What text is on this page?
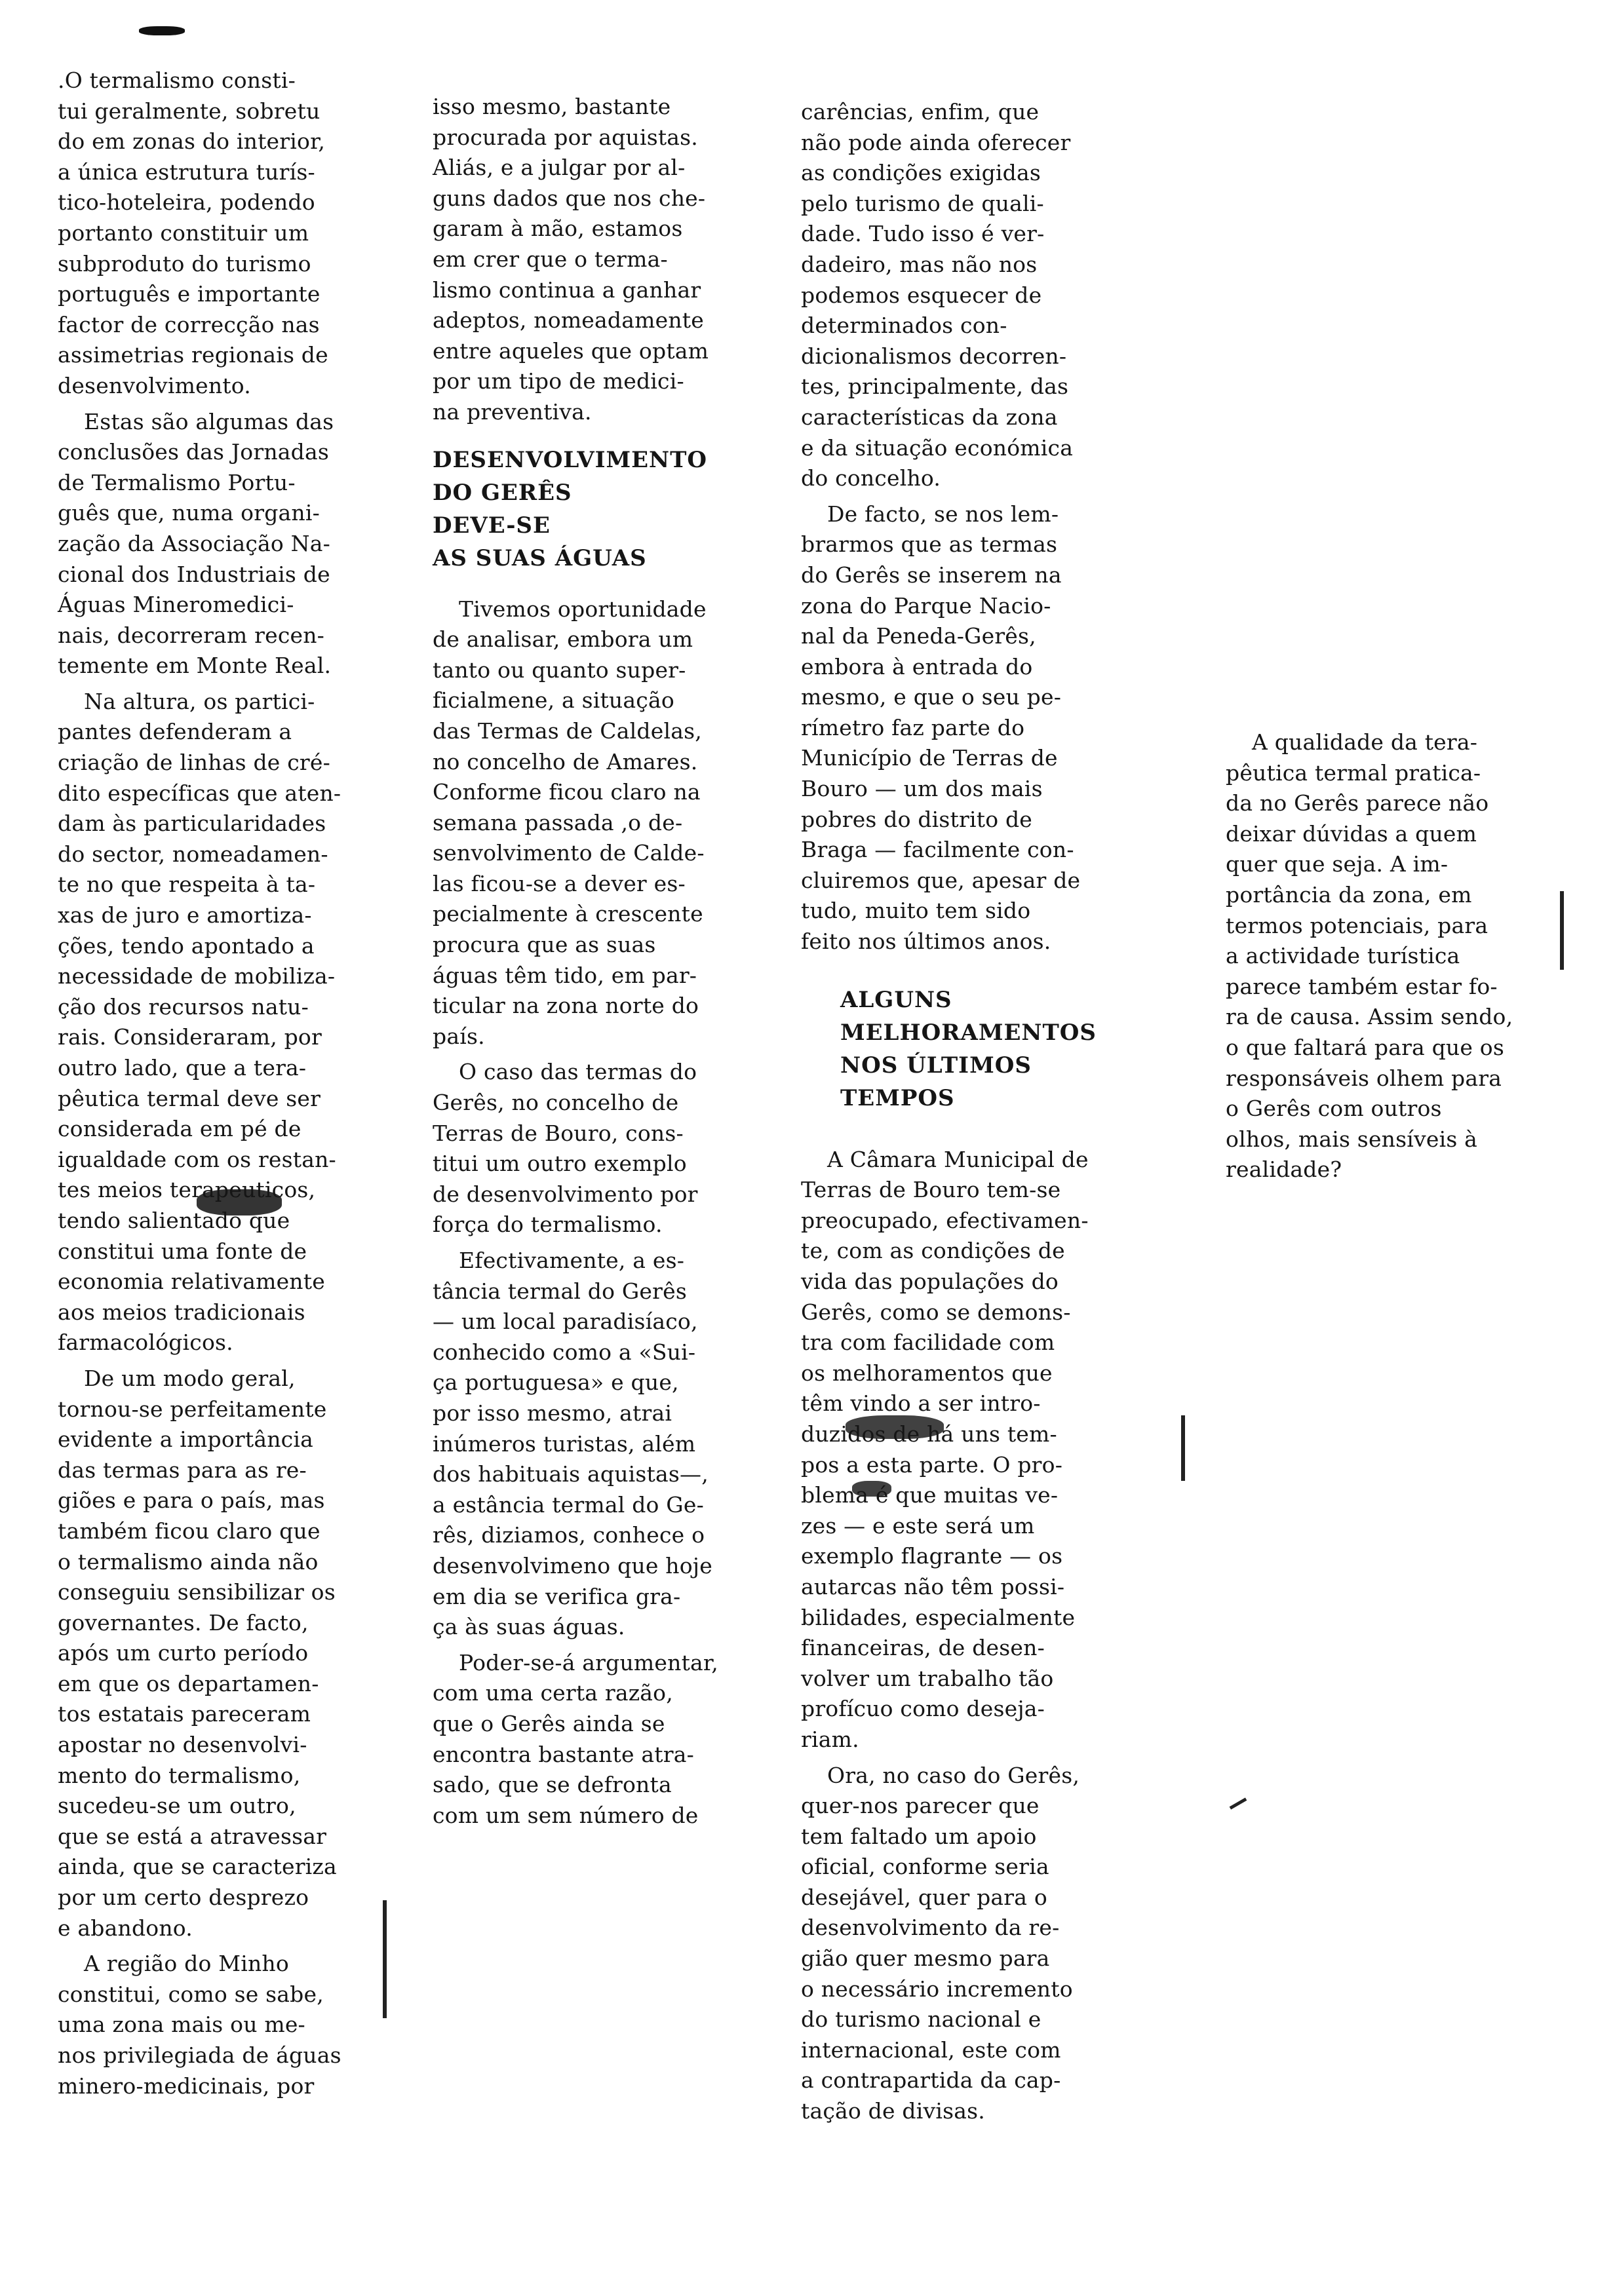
.O termalismo consti-
tui geralmente, sobretu
do em zonas do interior,
a única estrutura turís-
tico-hoteleira, podendo
portanto constituir um
subproduto do turismo
português e importante
factor de correcção nas
assimetrias regionais de
desenvolvimento.

Estas são algumas das
conclusões das Jornadas
de Termalismo Portu-
guês que, numa organi-
zação da Associação Na-
cional dos Industriais de
Águas Mineromedici-
nais, decorreram recen-
temente em Monte Real.

Na altura, os partici-
pantes defenderam a
criação de linhas de cré-
dito específicas que aten-
dam às particularidades
do sector, nomeadamen-
te no que respeita à ta-
xas de juro e amortiza-
ções, tendo apontado a
necessidade de mobiliza-
ção dos recursos natu-
rais. Consideraram, por
outro lado, que a tera-
pêutica termal deve ser
considerada em pé de
igualdade com os restan-
tes meios terapeuticos,
tendo salientado que
constitui uma fonte de
economia relativamente
aos meios tradicionais
farmacológicos.

De um modo geral,
tornou-se perfeitamente
evidente a importância
das termas para as re-
giões e para o país, mas
também ficou claro que
o termalismo ainda não
conseguiu sensibilizar os
governantes. De facto,
após um curto período
em que os departamen-
tos estatais pareceram
apostar no desenvolvi-
mento do termalismo,
sucedeu-se um outro,
que se está a atravessar
ainda, que se caracteriza
por um certo desprezo
e abandono.

A região do Minho
constitui, como se sabe,
uma zona mais ou me-
nos privilegiada de águas
minero-medicinais, por

isso mesmo, bastante
procurada por aquistas.
Aliás, e a julgar por al-
guns dados que nos che-
garam à mão, estamos
em crer que o terma-
lismo continua a ganhar
adeptos, nomeadamente
entre aqueles que optam
por um tipo de medici-
na preventiva.

DESENVOLVIMENTO
DO GERÊS
DEVE-SE
AS SUAS ÁGUAS

Tivemos oportunidade
de analisar, embora um
tanto ou quanto super-
ficialmene, a situação
das Termas de Caldelas,
no concelho de Amares.
Conforme ficou claro na
semana passada ,o de-
senvolvimento de Calde-
las ficou-se a dever es-
pecialmente à crescente
procura que as suas
águas têm tido, em par-
ticular na zona norte do
país.

O caso das termas do
Gerês, no concelho de
Terras de Bouro, cons-
titui um outro exemplo
de desenvolvimento por
força do termalismo.

Efectivamente, a es-
tância termal do Gerês
— um local paradisíaco,
conhecido como a «Sui-
ça portuguesa» e que,
por isso mesmo, atrai
inúmeros turistas, além
dos habituais aquistas—,
a estância termal do Ge-
rês, diziamos, conhece o
desenvolvimeno que hoje
em dia se verifica gra-
ça às suas águas.

Poder-se-á argumentar,
com uma certa razão,
que o Gerês ainda se
encontra bastante atra-
sado, que se defronta
com um sem número de

carências, enfim, que
não pode ainda oferecer
as condições exigidas
pelo turismo de quali-
dade. Tudo isso é ver-
dadeiro, mas não nos
podemos esquecer de
determinados con-
dicionalismos decorren-
tes, principalmente, das
características da zona
e da situação económica
do concelho.

De facto, se nos lem-
brarmos que as termas
do Gerês se inserem na
zona do Parque Nacio-
nal da Peneda-Gerês,
embora à entrada do
mesmo, e que o seu pe-
rímetro faz parte do
Município de Terras de
Bouro — um dos mais
pobres do distrito de
Braga — facilmente con-
cluiremos que, apesar de
tudo, muito tem sido
feito nos últimos anos.

ALGUNS
MELHORAMENTOS
NOS ÚLTIMOS
TEMPOS

A Câmara Municipal de
Terras de Bouro tem-se
preocupado, efectivamen-
te, com as condições de
vida das populações do
Gerês, como se demons-
tra com facilidade com
os melhoramentos que
têm vindo a ser intro-
duzidos de há uns tem-
pos a esta parte. O pro-
blema é que muitas ve-
zes — e este será um
exemplo flagrante — os
autarcas não têm possi-
bilidades, especialmente
financeiras, de desen-
volver um trabalho tão
profícuo como deseja-
riam.

Ora, no caso do Gerês,
quer-nos parecer que
tem faltado um apoio
oficial, conforme seria
desejável, quer para o
desenvolvimento da re-
gião quer mesmo para
o necessário incremento
do turismo nacional e
internacional, este com
a contrapartida da cap-
tação de divisas.

A qualidade da tera-
pêutica termal pratica-
da no Gerês parece não
deixar dúvidas a quem
quer que seja. A im-
portância da zona, em
termos potenciais, para
a actividade turística
parece também estar fo-
ra de causa. Assim sendo,
o que faltará para que os
responsáveis olhem para
o Gerês com outros
olhos, mais sensíveis à
realidade?
